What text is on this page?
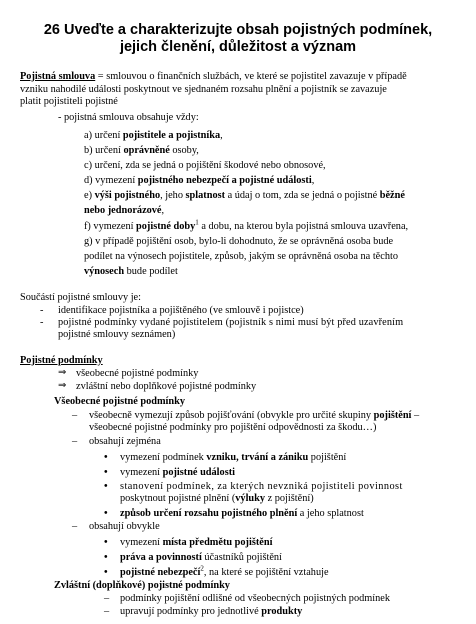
26 Uveďte a charakterizujte obsah pojistných podmínek,
jejich členění, důležitost a význam
Pojistná smlouva = smlouvou o finančních službách, ve které se pojistitel zavazuje v případě
vzniku nahodilé události poskytnout ve sjednaném rozsahu plnění a pojistník se zavazuje
platit pojistiteli pojistné
- pojistná smlouva obsahuje vždy:
a) určení pojistitele a pojistníka,
b) určení oprávněné osoby,
c) určení, zda se jedná o pojištění škodové nebo obnosové,
d) vymezení pojistného nebezpečí a pojistné události,
e) výši pojistného, jeho splatnost a údaj o tom, zda se jedná o pojistné běžné
nebo jednorázové,
f) vymezení pojistné doby$^1$ a dobu, na kterou byla pojistná smlouva uzavřena,
g) v případě pojištění osob, bylo-li dohodnuto, že se oprávněná osoba bude
podílet na výnosech pojistitele, způsob, jakým se oprávněná osoba na těchto
výnosech bude podílet
Součástí pojistné smlouvy je:
- identifikace pojistníka a pojištěného (ve smlouvě i pojistce)
- pojistné podmínky vydané pojistitelem (pojistník s nimi musí být před uzavřením
pojistné smlouvy seznámen)
Pojistné podmínky
⇒ všeobecné pojistné podmínky
⇒ zvláštní nebo doplňkové pojistné podmínky
Všeobecné pojistné podmínky
– všeobecně vymezují způsob pojišťování (obvykle pro určité skupiny pojištění –
všeobecné pojistné podmínky pro pojištění odpovědnosti za škodu…)
– obsahují zejména
• vymezení podmínek vzniku, trvání a zániku pojištění
• vymezení pojistné události
• stanovení podmínek, za kterých nevzniká pojistiteli povinnost
poskytnout pojistné plnění (výluky z pojištění)
• způsob určení rozsahu pojistného plnění a jeho splatnost
– obsahují obvykle
• vymezení místa předmětu pojištění
• práva a povinností účastníků pojištění
• pojistné nebezpečí$^2$, na které se pojištění vztahuje
Zvláštní (doplňkové) pojistné podmínky
– podmínky pojištění odlišné od všeobecných pojistných podmínek
– upravují podmínky pro jednotlivé produkty
